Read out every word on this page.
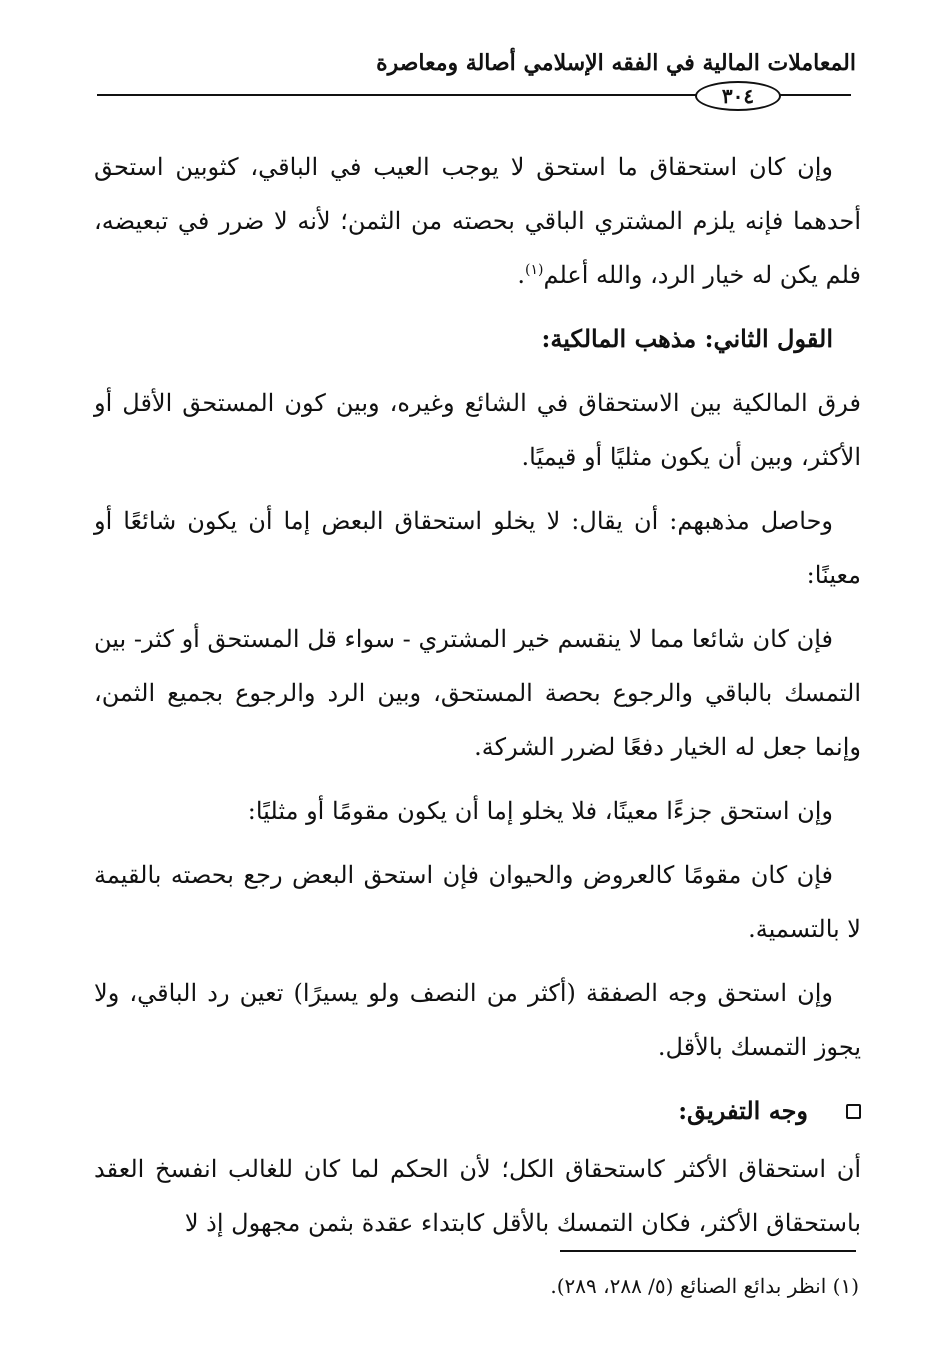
المعاملات المالية في الفقه الإسلامي أصالة ومعاصرة
٣٠٤

وإن كان استحقاق ما استحق لا يوجب العيب في الباقي، كثوبين استحق أحدهما فإنه يلزم المشتري الباقي بحصته من الثمن؛ لأنه لا ضرر في تبعيضه، فلم يكن له خيار الرد، والله أعلم$^{(١)}$.

القول الثاني: مذهب المالكية:

فرق المالكية بين الاستحقاق في الشائع وغيره، وبين كون المستحق الأقل أو الأكثر، وبين أن يكون مثليًا أو قيميًا.

وحاصل مذهبهم: أن يقال: لا يخلو استحقاق البعض إما أن يكون شائعًا أو معينًا:

فإن كان شائعا مما لا ينقسم خير المشتري - سواء قل المستحق أو كثر- بين التمسك بالباقي والرجوع بحصة المستحق، وبين الرد والرجوع بجميع الثمن، وإنما جعل له الخيار دفعًا لضرر الشركة.

وإن استحق جزءًا معينًا، فلا يخلو إما أن يكون مقومًا أو مثليًا:

فإن كان مقومًا كالعروض والحيوان فإن استحق البعض رجع بحصته بالقيمة لا بالتسمية.

وإن استحق وجه الصفقة (أكثر من النصف ولو يسيرًا) تعين رد الباقي، ولا يجوز التمسك بالأقل.

وجه التفريق:

أن استحقاق الأكثر كاستحقاق الكل؛ لأن الحكم لما كان للغالب انفسخ العقد باستحقاق الأكثر، فكان التمسك بالأقل كابتداء عقدة بثمن مجهول إذ لا

(١) انظر بدائع الصنائع (٥/ ٢٨٨، ٢٨٩).
